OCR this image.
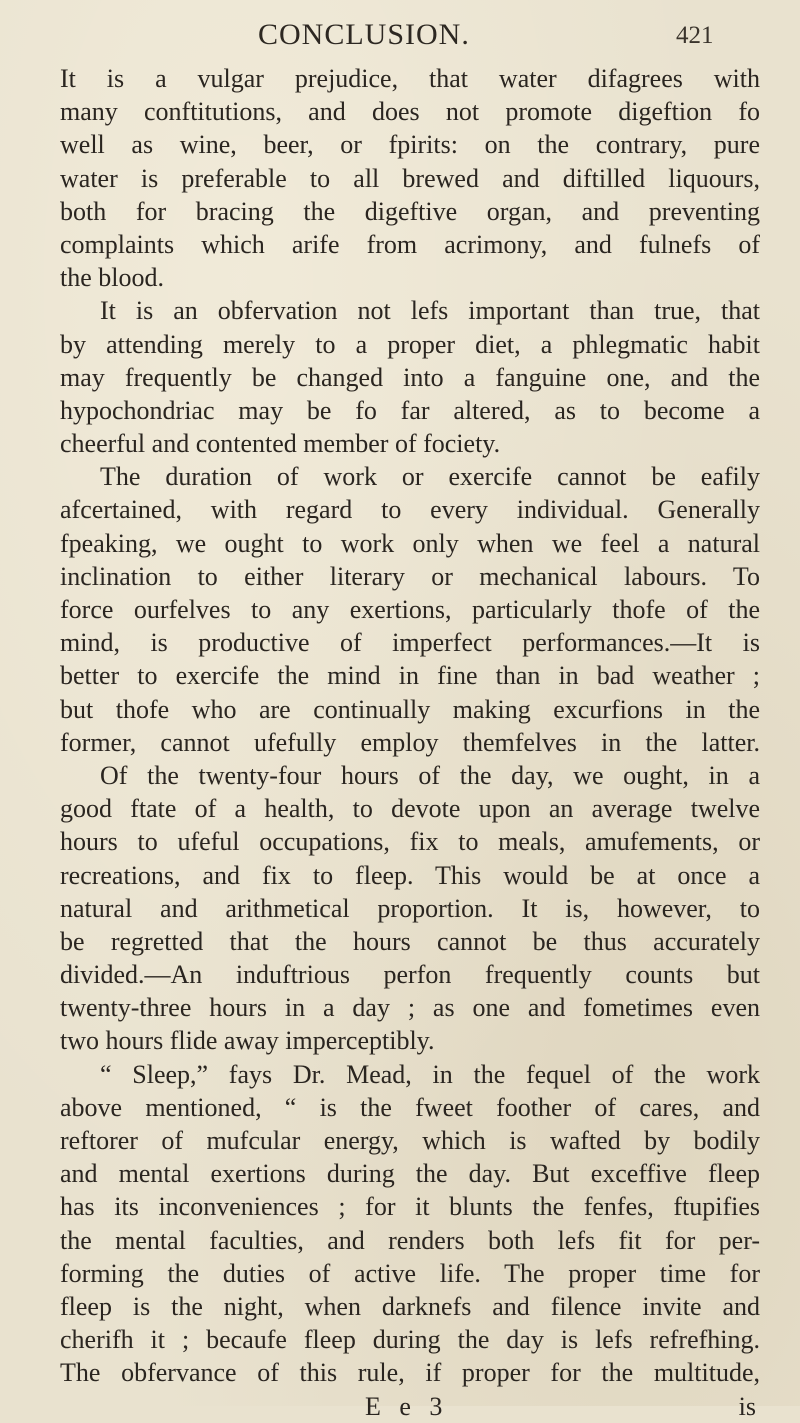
CONCLUSION.	421
It is a vulgar prejudice, that water difagrees with
many conftitutions, and does not promote digeftion fo
well as wine, beer, or fpirits: on the contrary, pure
water is preferable to all brewed and diftilled liquours,
both for bracing the digeftive organ, and preventing
complaints which arife from acrimony, and fulnefs of
the blood.
It is an obfervation not lefs important than true, that
by attending merely to a proper diet, a phlegmatic habit
may frequently be changed into a fanguine one, and the
hypochondriac may be fo far altered, as to become a
cheerful and contented member of fociety.
The duration of work or exercife cannot be eafily
afcertained, with regard to every individual. Generally
fpeaking, we ought to work only when we feel a natural
inclination to either literary or mechanical labours. To
force ourfelves to any exertions, particularly thofe of the
mind, is productive of imperfect performances.—It is
better to exercife the mind in fine than in bad weather ;
but thofe who are continually making excurfions in the
former, cannot ufefully employ themfelves in the latter.
Of the twenty-four hours of the day, we ought, in a
good ftate of a health, to devote upon an average twelve
hours to ufeful occupations, fix to meals, amufements, or
recreations, and fix to fleep. This would be at once a
natural and arithmetical proportion. It is, however, to
be regretted that the hours cannot be thus accurately
divided.—An induftrious perfon frequently counts but
twenty-three hours in a day ; as one and fometimes even
two hours flide away imperceptibly.
“ Sleep,” fays Dr. Mead, in the fequel of the work
above mentioned, “ is the fweet foother of cares, and
reftorer of mufcular energy, which is wafted by bodily
and mental exertions during the day. But exceffive fleep
has its inconveniences ; for it blunts the fenfes, ftupifies
the mental faculties, and renders both lefs fit for per-
forming the duties of active life. The proper time for
fleep is the night, when darknefs and filence invite and
cherifh it ; becaufe fleep during the day is lefs refrefhing.
The obfervance of this rule, if proper for the multitude,
E e 3	is
